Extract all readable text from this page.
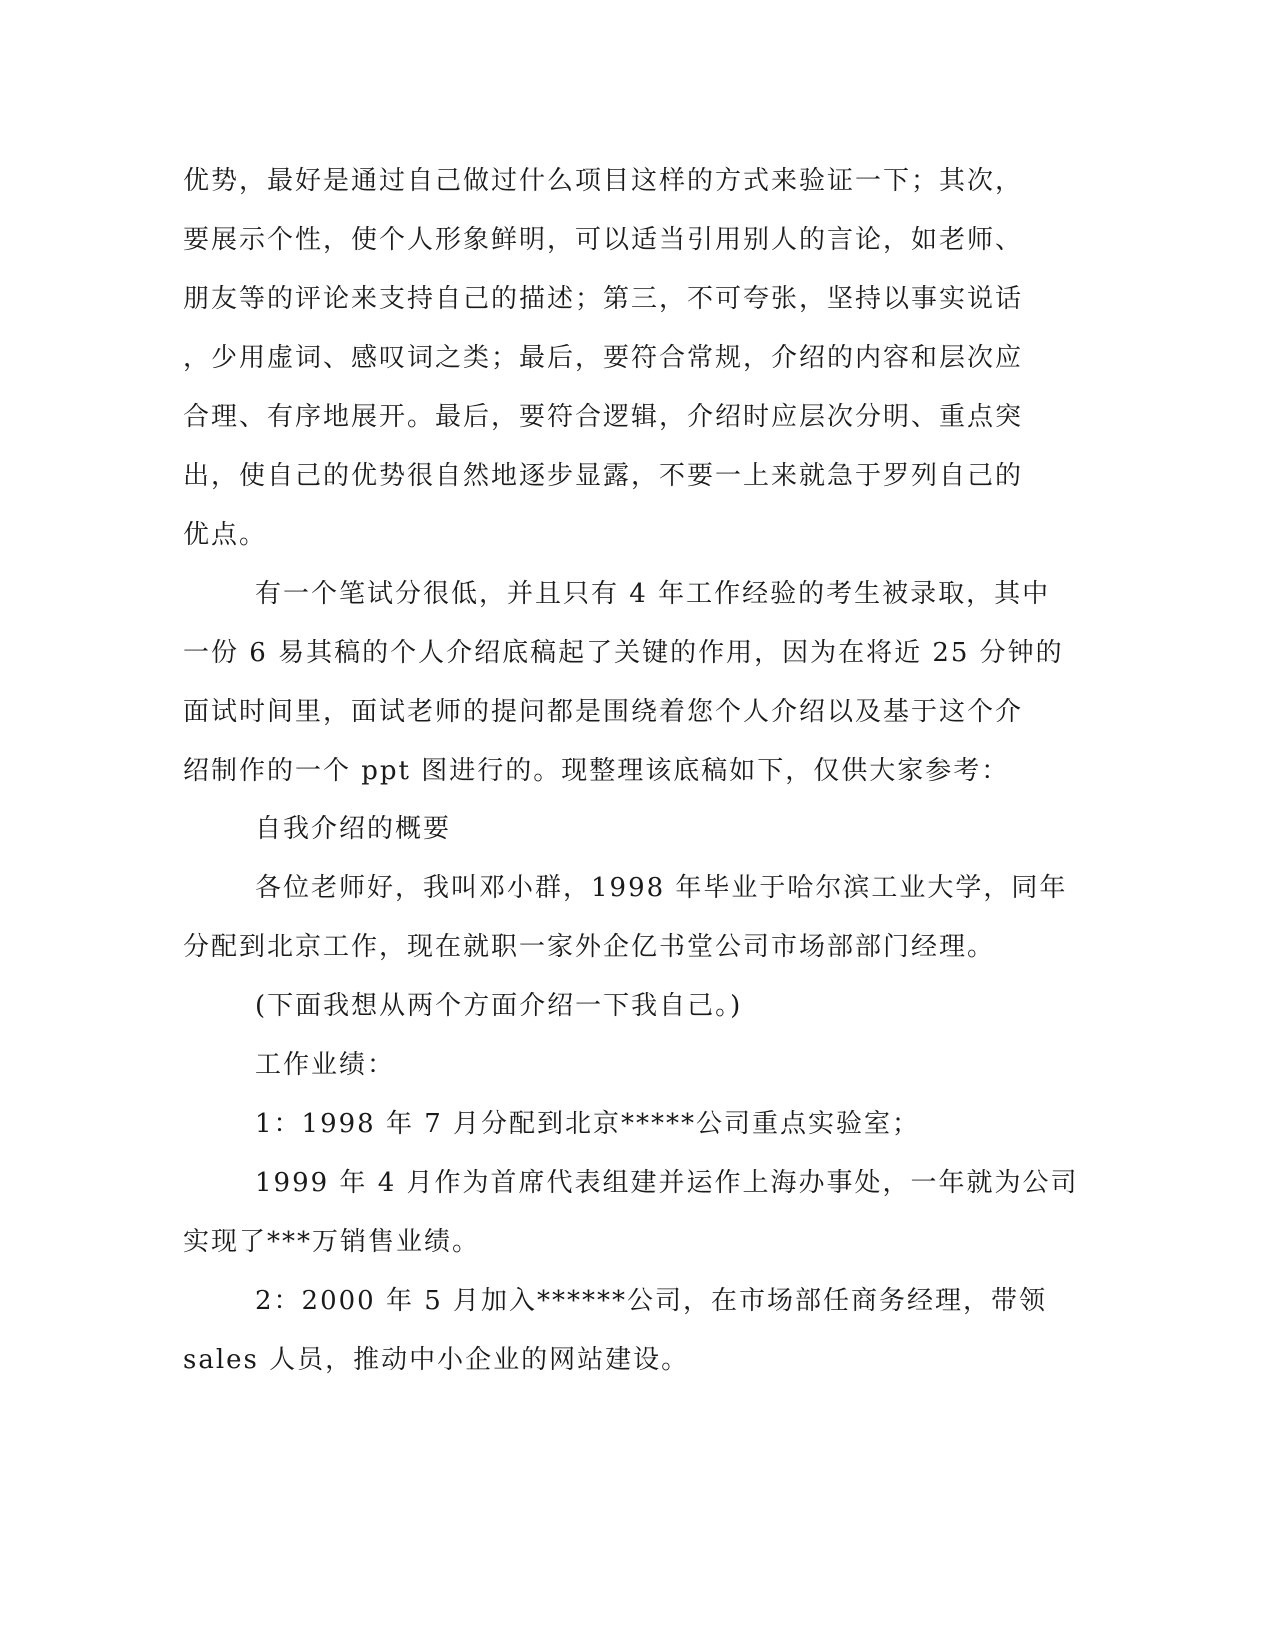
优势，最好是通过自己做过什么项目这样的方式来验证一下；其次，
要展示个性，使个人形象鲜明，可以适当引用别人的言论，如老师、
朋友等的评论来支持自己的描述；第三，不可夸张，坚持以事实说话
，少用虚词、感叹词之类；最后，要符合常规，介绍的内容和层次应
合理、有序地展开。最后，要符合逻辑，介绍时应层次分明、重点突
出，使自己的优势很自然地逐步显露，不要一上来就急于罗列自己的
优点。
有一个笔试分很低，并且只有 4 年工作经验的考生被录取，其中
一份 6 易其稿的个人介绍底稿起了关键的作用，因为在将近 25 分钟的
面试时间里，面试老师的提问都是围绕着您个人介绍以及基于这个介
绍制作的一个 ppt 图进行的。现整理该底稿如下，仅供大家参考：
自我介绍的概要
各位老师好，我叫邓小群，1998 年毕业于哈尔滨工业大学，同年
分配到北京工作，现在就职一家外企亿书堂公司市场部部门经理。
(下面我想从两个方面介绍一下我自己。)
工作业绩：
1：1998 年 7 月分配到北京*****公司重点实验室；
1999 年 4 月作为首席代表组建并运作上海办事处，一年就为公司
实现了***万销售业绩。
2：2000 年 5 月加入******公司，在市场部任商务经理，带领
sales 人员，推动中小企业的网站建设。
